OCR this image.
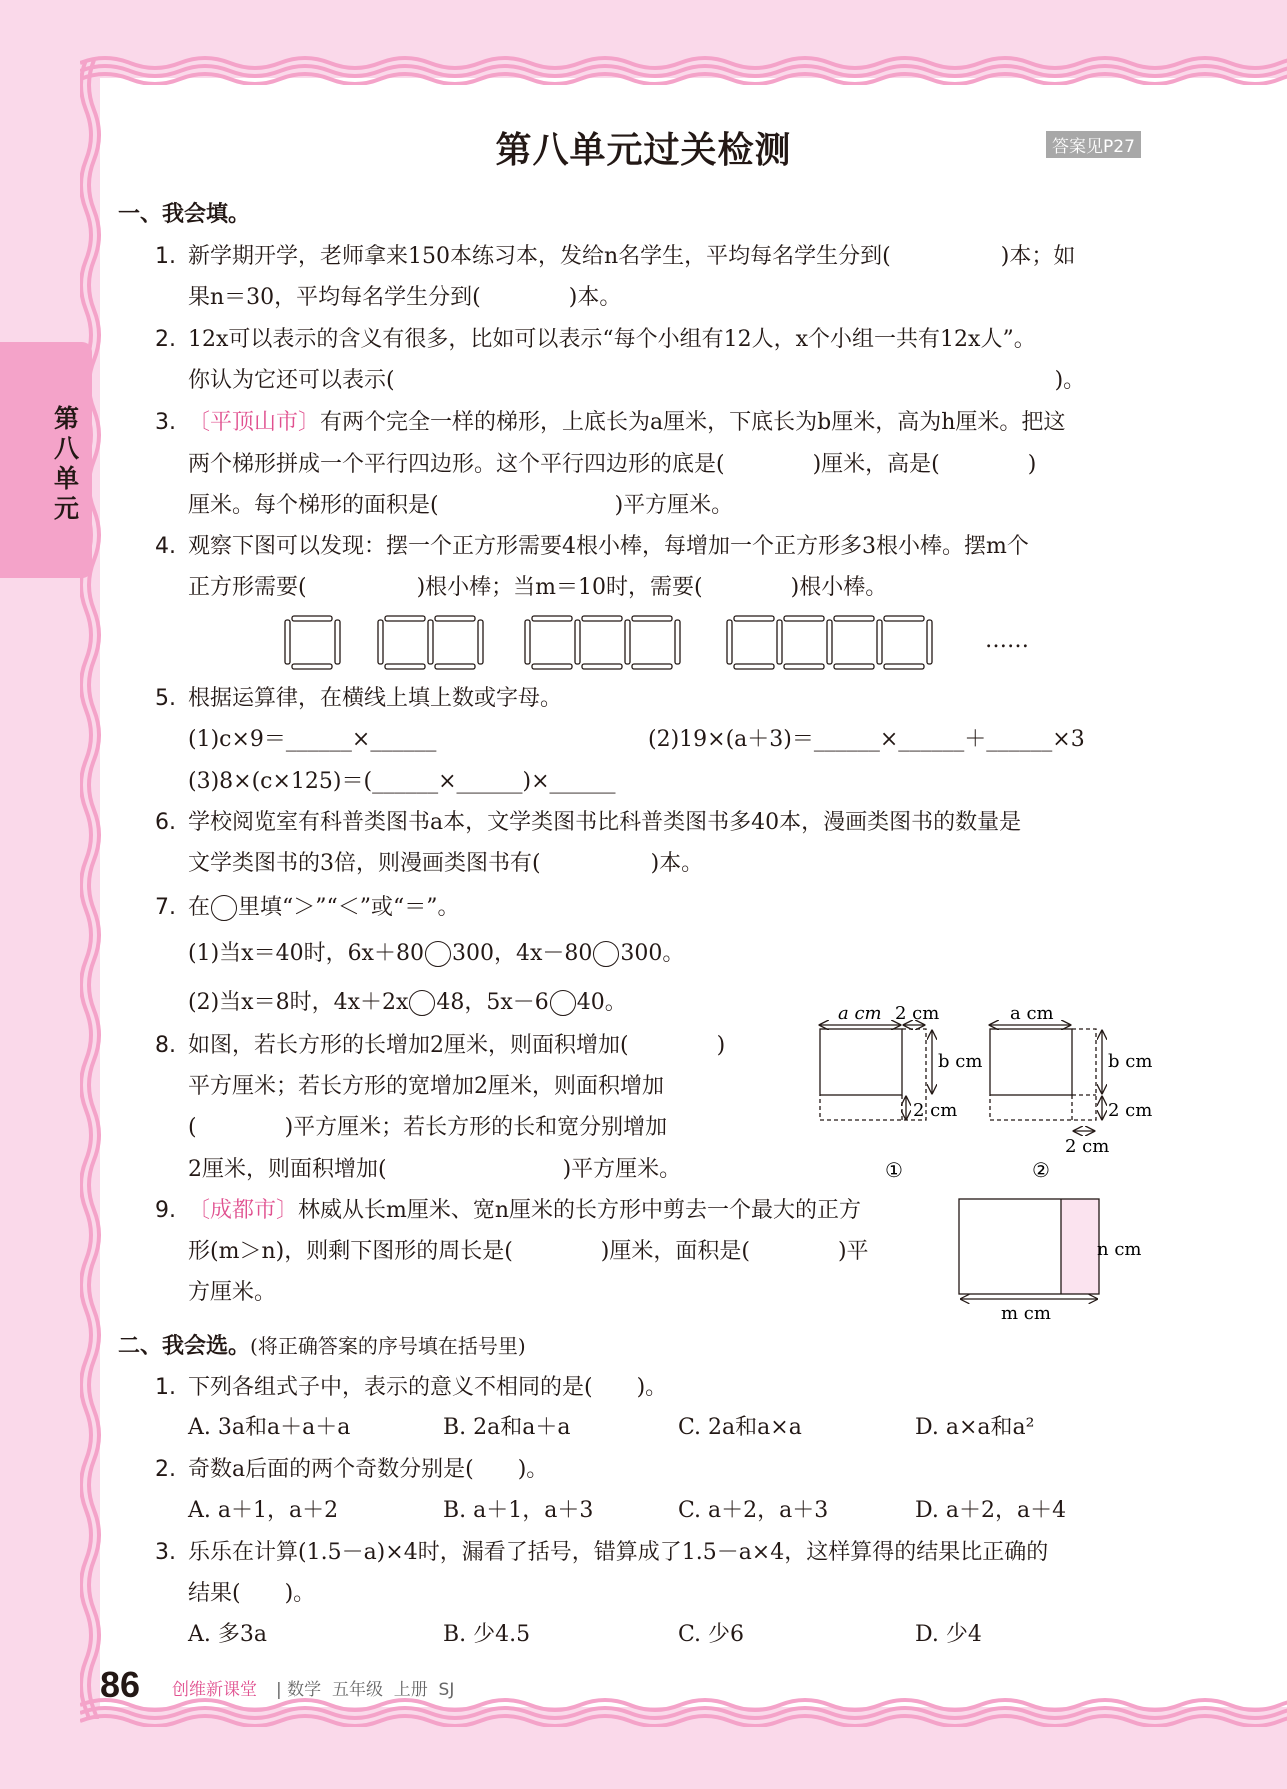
第八单元
第八单元过关检测	答案见P27
一、我会填。
1. 新学期开学，老师拿来150本练习本，发给n名学生，平均每名学生分到(　　　　　)本；如
果n＝30，平均每名学生分到(　　　　)本。
2. 12x可以表示的含义有很多，比如可以表示“每个小组有12人，x个小组一共有12x人”。
你认为它还可以表示(　　　　　　　　　　　　　　　　　　　　　　　　　　　　　　)。
3. 〔平顶山市〕有两个完全一样的梯形，上底长为a厘米，下底长为b厘米，高为h厘米。把这
两个梯形拼成一个平行四边形。这个平行四边形的底是(　　　　)厘米，高是(　　　　)
厘米。每个梯形的面积是(　　　　　　　　)平方厘米。
4. 观察下图可以发现：摆一个正方形需要4根小棒，每增加一个正方形多3根小棒。摆m个
正方形需要(　　　　　)根小棒；当m＝10时，需要(　　　　)根小棒。
……
5. 根据运算律，在横线上填上数或字母。
(1)c×9＝______×______	(2)19×(a＋3)＝______×______＋______×3
(3)8×(c×125)＝(______×______)×______
6. 学校阅览室有科普类图书a本，文学类图书比科普类图书多40本，漫画类图书的数量是
文学类图书的3倍，则漫画类图书有(　　　　　)本。
7. 在 里填“＞”“＜”或“＝”。
(1)当x＝40时，6x＋80 300，4x－80 300。
(2)当x＝8时，4x＋2x 48，5x－6 40。
8. 如图，若长方形的长增加2厘米，则面积增加(　　　　)
平方厘米；若长方形的宽增加2厘米，则面积增加
(　　　　)平方厘米；若长方形的长和宽分别增加
2厘米，则面积增加(　　　　　　　　)平方厘米。
a cm 2 cm
b cm
2 cm
a cm
b cm
2 cm
2 cm
①	②
9. 〔成都市〕林威从长m厘米、宽n厘米的长方形中剪去一个最大的正方
形(m＞n)，则剩下图形的周长是(　　　　)厘米，面积是(　　　　)平
方厘米。
n cm
m cm
二、我会选。(将正确答案的序号填在括号里)
1. 下列各组式子中，表示的意义不相同的是(　　)。
A. 3a和a＋a＋a	B. 2a和a＋a	C. 2a和a×a	D. a×a和a²
2. 奇数a后面的两个奇数分别是(　　)。
A. a＋1，a＋2	B. a＋1，a＋3	C. a＋2，a＋3	D. a＋2，a＋4
3. 乐乐在计算(1.5－a)×4时，漏看了括号，错算成了1.5－a×4，这样算得的结果比正确的
结果(　　)。
A. 多3a	B. 少4.5	C. 少6	D. 少4
86 创维新课堂 | 数学  五年级  上册  SJ
